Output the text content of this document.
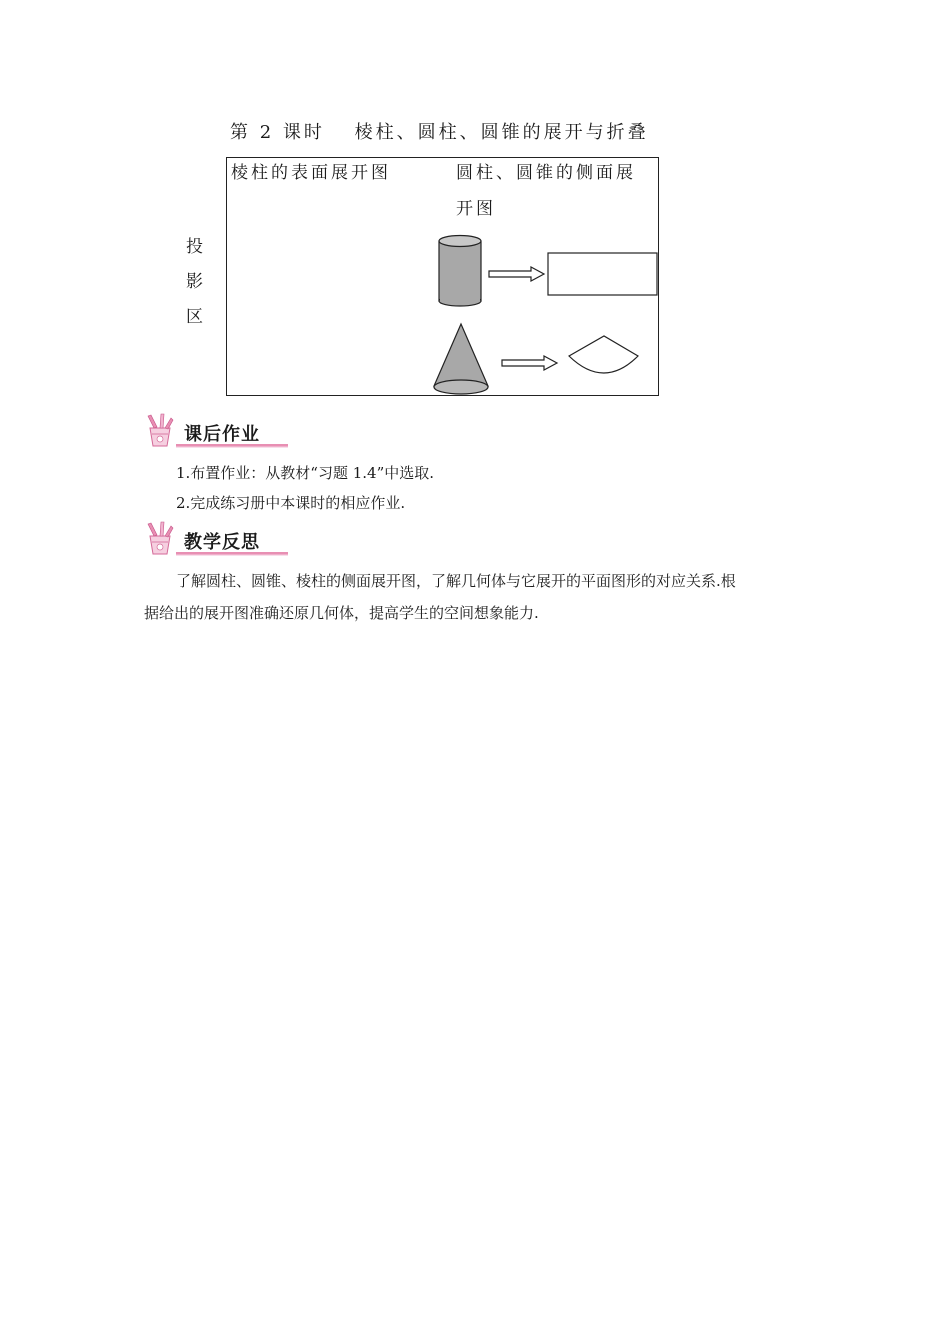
第 2 课时　 棱柱、圆柱、圆锥的展开与折叠
投
影
区
棱柱的表面展开图	圆柱、圆锥的侧面展
开图
课后作业
1.布置作业：从教材“习题 1.4”中选取.
2.完成练习册中本课时的相应作业.
教学反思
了解圆柱、圆锥、棱柱的侧面展开图，了解几何体与它展开的平面图形的对应关系.根
据给出的展开图准确还原几何体，提高学生的空间想象能力.
